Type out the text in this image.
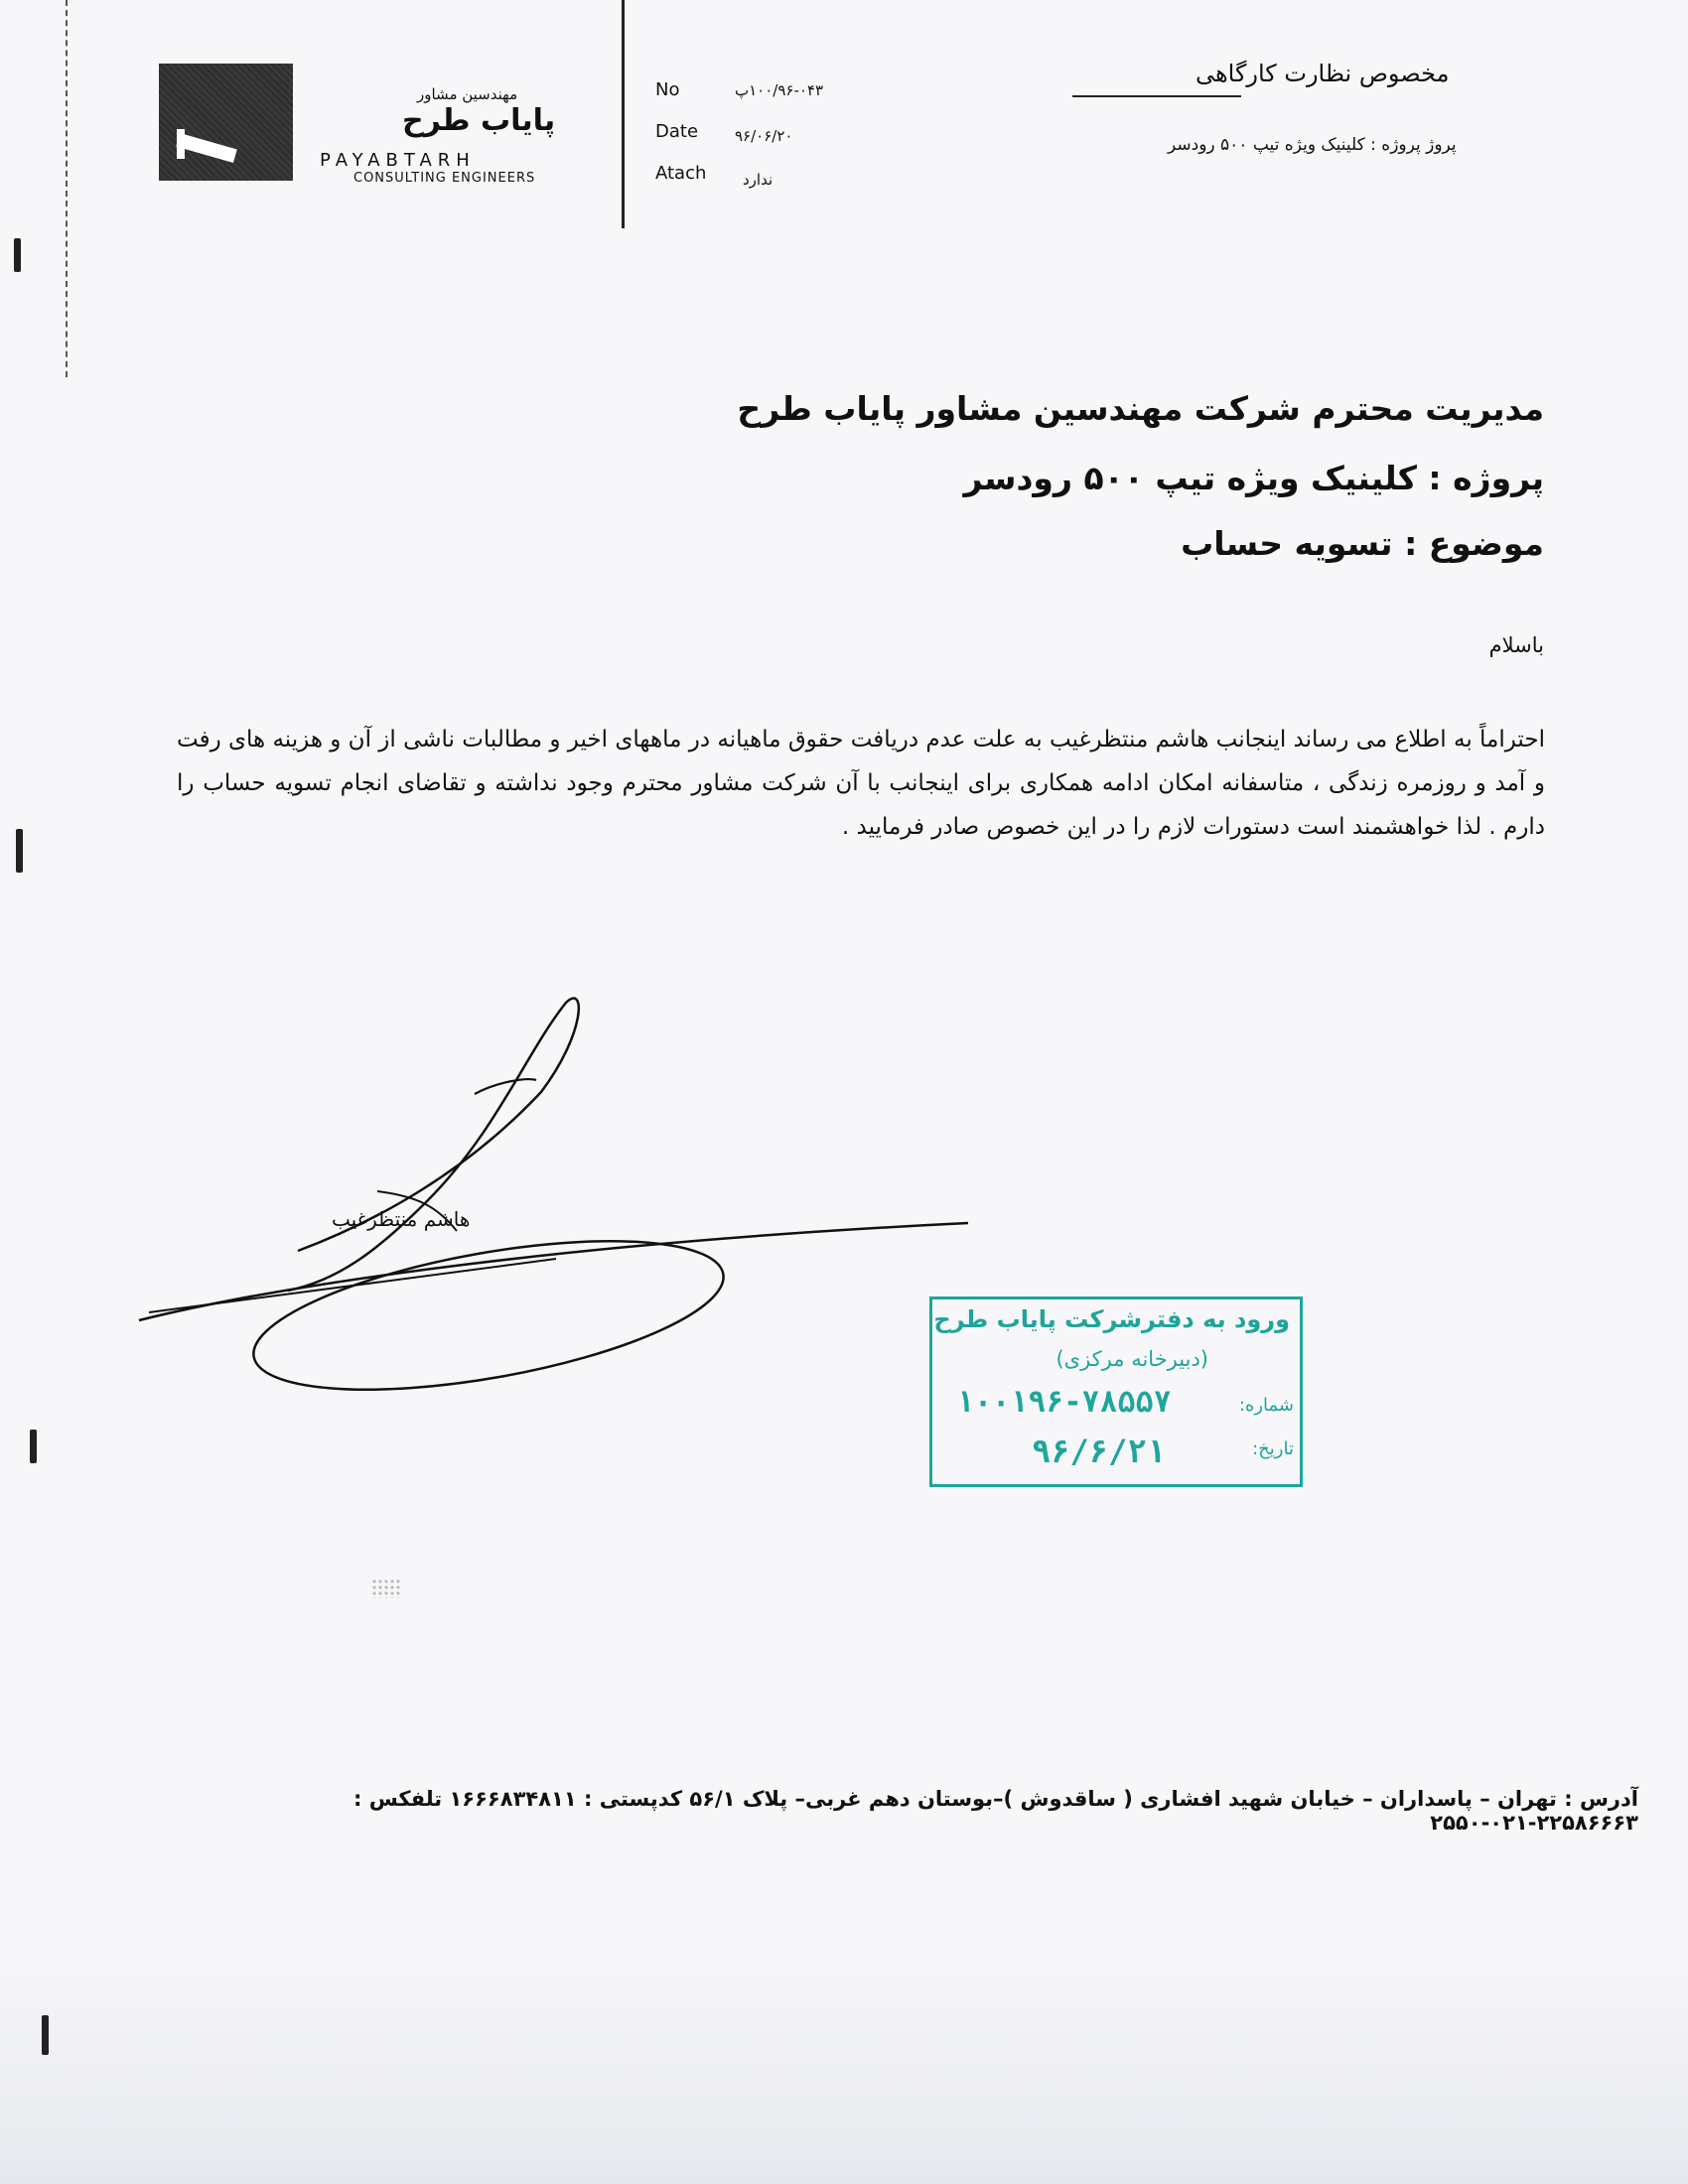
مهندسین مشاور
پایاب طرح
PAYABTARH
CONSULTING ENGINEERS
No	۱۰۰/۹۶-۰۴۳پ
Date ۹۶/۰۶/۲۰
Atach ندارد
مخصوص نظارت کارگاهی
پروژ پروژه : کلینیک ویژه تیپ ۵۰۰ رودسر
مدیریت محترم شرکت مهندسین مشاور پایاب طرح
پروژه : کلینیک ویژه تیپ ۵۰۰ رودسر
موضوع : تسویه حساب
باسلام
احتراماً به اطلاع می رساند اینجانب هاشم منتظرغیب به علت عدم دریافت حقوق ماهیانه در ماههای اخیر و مطالبات ناشی از آن و هزینه های رفت و آمد و روزمره زندگی ، متاسفانه امکان ادامه همکاری برای اینجانب با آن شرکت مشاور محترم وجود نداشته و تقاضای انجام تسویه حساب را دارم . لذا خواهشمند است دستورات لازم را در این خصوص صادر فرمایید .
هاشم منتظرغیب
ورود به دفترشرکت پایاب طرح
(دبیرخانه مرکزی)
شماره:
۱۰۰۱۹۶-۷۸۵۵۷
تاریخ:
۹۶/۶/۲۱
آدرس : تهران – پاسداران – خیابان شهید افشاری ( ساقدوش )–بوستان دهم غربی– پلاک ۵۶/۱ کدپستی : ۱۶۶۶۸۳۴۸۱۱ تلفکس : ۲۲۵۸۶۶۶۳-۰۲۱-۲۵۵۰
